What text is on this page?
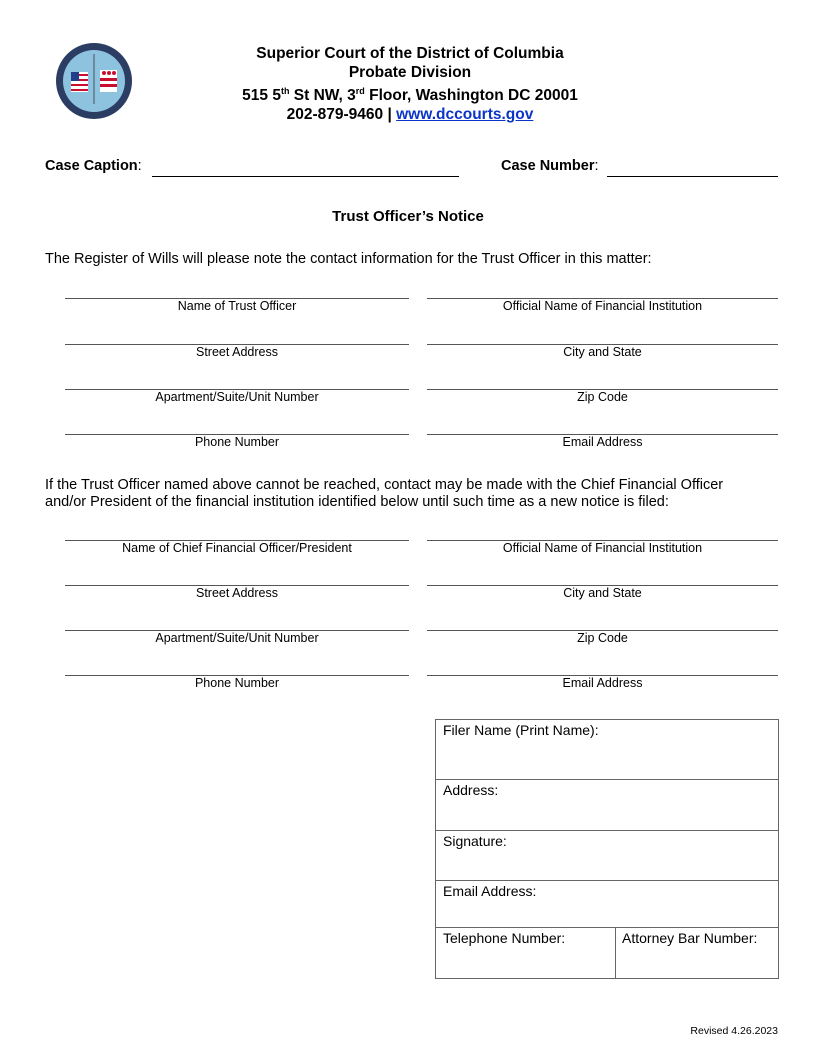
Superior Court of the District of Columbia
Probate Division
515 5th St NW, 3rd Floor, Washington DC 20001
202-879-9460 | www.dccourts.gov
Case Caption:	Case Number:
Trust Officer’s Notice
The Register of Wills will please note the contact information for the Trust Officer in this matter:
Name of Trust Officer	Official Name of Financial Institution
Street Address	City and State
Apartment/Suite/Unit Number	Zip Code
Phone Number	Email Address
If the Trust Officer named above cannot be reached, contact may be made with the Chief Financial Officer and/or President of the financial institution identified below until such time as a new notice is filed:
Name of Chief Financial Officer/President	Official Name of Financial Institution
Street Address	City and State
Apartment/Suite/Unit Number	Zip Code
Phone Number	Email Address
Filer Name (Print Name):
Address:
Signature:
Email Address:
Telephone Number:	Attorney Bar Number:
Revised 4.26.2023
